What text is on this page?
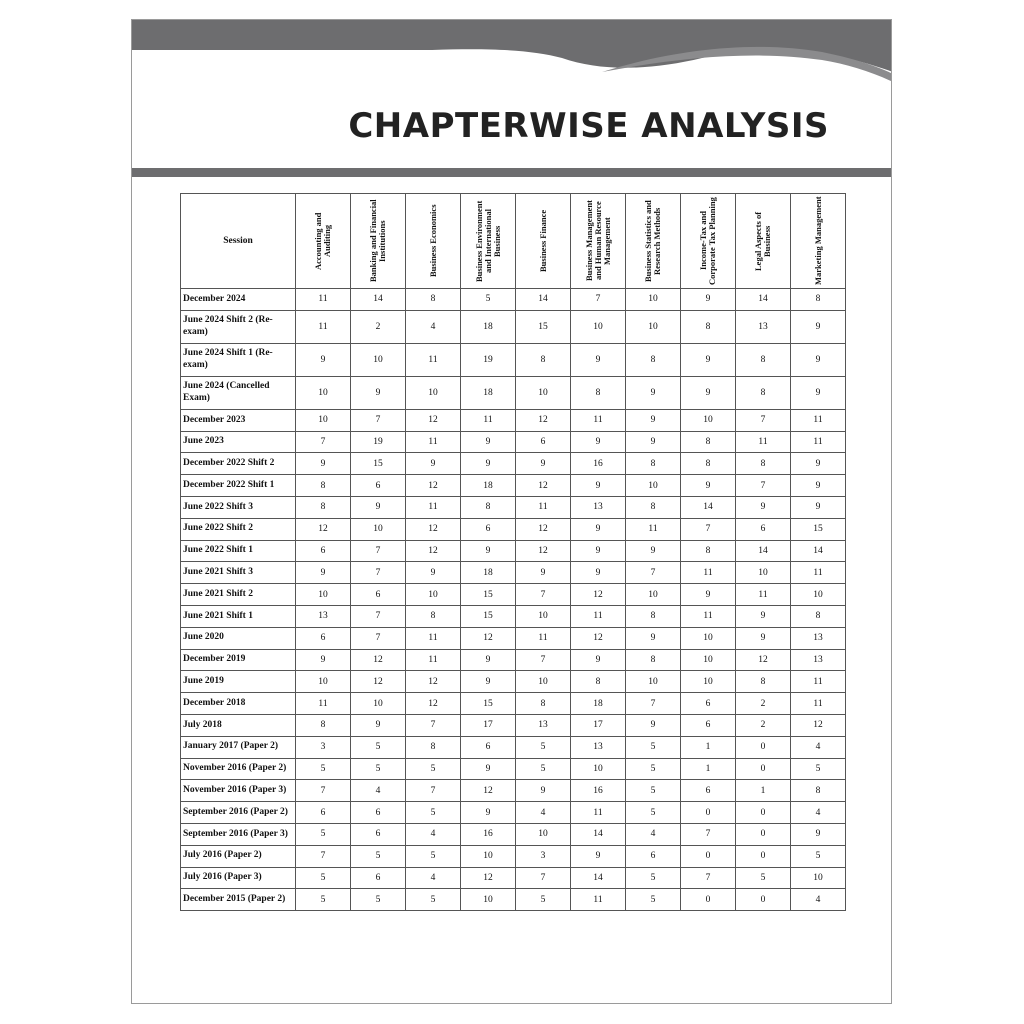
CHAPTERWISE ANALYSIS
Session	Accounting and Auditing	Banking and Financial Institutions	Business Economics	Business Environment and International Business	Business Finance	Business Management and Human Resource Management	Business Statistics and Research Methods	Income-Tax and Corporate Tax Planning	Legal Aspects of Business	Marketing Management
December 2024	11	14	8	5	14	7	10	9	14	8
June 2024 Shift 2 (Re-exam)	11	2	4	18	15	10	10	8	13	9
June 2024 Shift 1 (Re-exam)	9	10	11	19	8	9	8	9	8	9
June 2024 (Cancelled Exam)	10	9	10	18	10	8	9	9	8	9
December 2023	10	7	12	11	12	11	9	10	7	11
June 2023	7	19	11	9	6	9	9	8	11	11
December 2022 Shift 2	9	15	9	9	9	16	8	8	8	9
December 2022 Shift 1	8	6	12	18	12	9	10	9	7	9
June 2022 Shift 3	8	9	11	8	11	13	8	14	9	9
June 2022 Shift 2	12	10	12	6	12	9	11	7	6	15
June 2022 Shift 1	6	7	12	9	12	9	9	8	14	14
June 2021 Shift 3	9	7	9	18	9	9	7	11	10	11
June 2021 Shift 2	10	6	10	15	7	12	10	9	11	10
June 2021 Shift 1	13	7	8	15	10	11	8	11	9	8
June 2020	6	7	11	12	11	12	9	10	9	13
December 2019	9	12	11	9	7	9	8	10	12	13
June 2019	10	12	12	9	10	8	10	10	8	11
December 2018	11	10	12	15	8	18	7	6	2	11
July 2018	8	9	7	17	13	17	9	6	2	12
January 2017 (Paper 2)	3	5	8	6	5	13	5	1	0	4
November 2016 (Paper 2)	5	5	5	9	5	10	5	1	0	5
November 2016 (Paper 3)	7	4	7	12	9	16	5	6	1	8
September 2016 (Paper 2)	6	6	5	9	4	11	5	0	0	4
September 2016 (Paper 3)	5	6	4	16	10	14	4	7	0	9
July 2016 (Paper 2)	7	5	5	10	3	9	6	0	0	5
July 2016 (Paper 3)	5	6	4	12	7	14	5	7	5	10
December 2015 (Paper 2)	5	5	5	10	5	11	5	0	0	4
